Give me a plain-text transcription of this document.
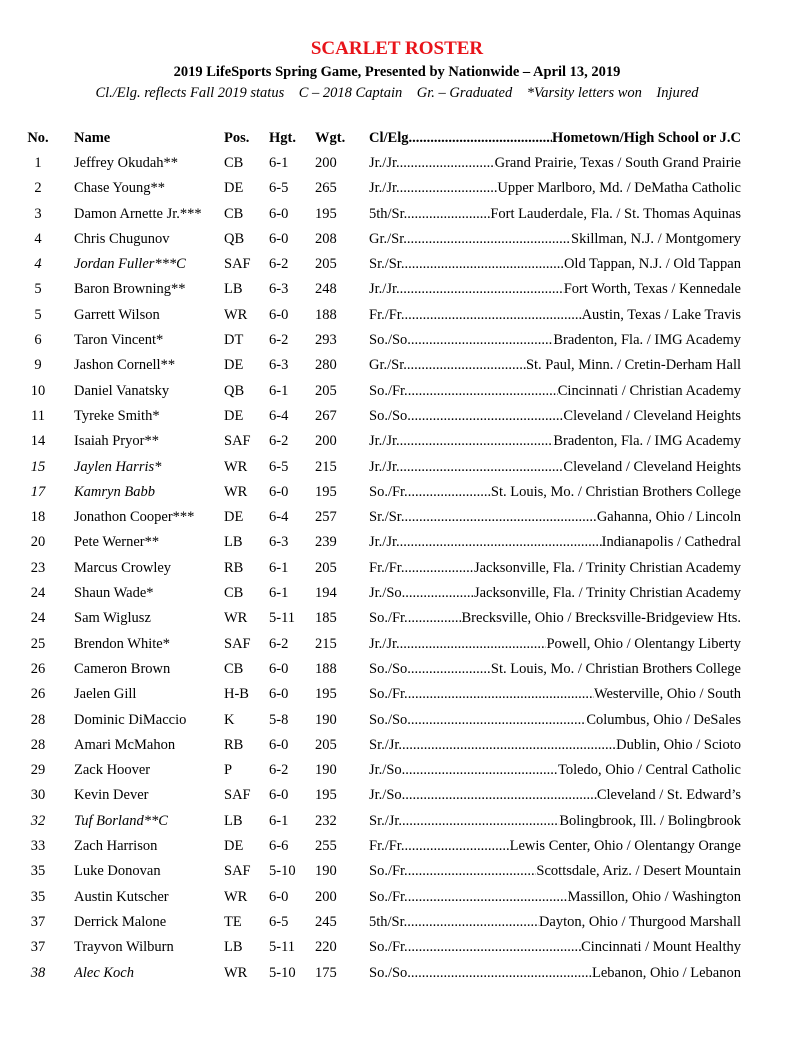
SCARLET ROSTER
2019 LifeSports Spring Game, Presented by Nationwide – April 13, 2019
Cl./Elg. reflects Fall 2019 status    C – 2018 Captain    Gr. – Graduated    *Varsity letters won    Injured
No.	Name	Pos.	Hgt.	Wgt.	Cl/Elg .....	Hometown/High School or J.C
1	Jeffrey Okudah**	CB	6-1	200	Jr./Jr. .....	Grand Prairie, Texas / South Grand Prairie
2	Chase Young**	DE	6-5	265	Jr./Jr. .....	Upper Marlboro, Md. / DeMatha Catholic
3	Damon Arnette Jr.***	CB	6-0	195	5th/Sr. .....	Fort Lauderdale, Fla. / St. Thomas Aquinas
4	Chris Chugunov	QB	6-0	208	Gr./Sr. .....	Skillman, N.J. / Montgomery
4	Jordan Fuller***C	SAF	6-2	205	Sr./Sr. .....	Old Tappan, N.J. / Old Tappan
5	Baron Browning**	LB	6-3	248	Jr./Jr. .....	Fort Worth, Texas / Kennedale
5	Garrett Wilson	WR	6-0	188	Fr./Fr. .....	Austin, Texas / Lake Travis
6	Taron Vincent*	DT	6-2	293	So./So. .....	Bradenton, Fla. / IMG Academy
9	Jashon Cornell**	DE	6-3	280	Gr./Sr. .....	St. Paul, Minn. / Cretin-Derham Hall
10	Daniel Vanatsky	QB	6-1	205	So./Fr. .....	Cincinnati / Christian Academy
11	Tyreke Smith*	DE	6-4	267	So./So. .....	Cleveland / Cleveland Heights
14	Isaiah Pryor**	SAF	6-2	200	Jr./Jr. .....	Bradenton, Fla. / IMG Academy
15	Jaylen Harris*	WR	6-5	215	Jr./Jr. .....	Cleveland / Cleveland Heights
17	Kamryn Babb	WR	6-0	195	So./Fr. .....	St. Louis, Mo. / Christian Brothers College
18	Jonathon Cooper***	DE	6-4	257	Sr./Sr. .....	Gahanna, Ohio / Lincoln
20	Pete Werner**	LB	6-3	239	Jr./Jr. .....	Indianapolis / Cathedral
23	Marcus Crowley	RB	6-1	205	Fr./Fr. .....	Jacksonville, Fla. / Trinity Christian Academy
24	Shaun Wade*	CB	6-1	194	Jr./So. .....	Jacksonville, Fla. / Trinity Christian Academy
24	Sam Wiglusz	WR	5-11	185	So./Fr. .....	Brecksville, Ohio / Brecksville-Bridgeview Hts.
25	Brendon White*	SAF	6-2	215	Jr./Jr. .....	Powell, Ohio / Olentangy Liberty
26	Cameron Brown	CB	6-0	188	So./So. .....	St. Louis, Mo. / Christian Brothers College
26	Jaelen Gill	H-B	6-0	195	So./Fr. .....	Westerville, Ohio / South
28	Dominic DiMaccio	K	5-8	190	So./So. .....	Columbus, Ohio / DeSales
28	Amari McMahon	RB	6-0	205	Sr./Jr. .....	Dublin, Ohio / Scioto
29	Zack Hoover	P	6-2	190	Jr./So. .....	Toledo, Ohio / Central Catholic
30	Kevin Dever	SAF	6-0	195	Jr./So. .....	Cleveland / St. Edward’s
32	Tuf Borland**C	LB	6-1	232	Sr./Jr. .....	Bolingbrook, Ill. / Bolingbrook
33	Zach Harrison	DE	6-6	255	Fr./Fr. .....	Lewis Center, Ohio / Olentangy Orange
35	Luke Donovan	SAF	5-10	190	So./Fr. .....	Scottsdale, Ariz. / Desert Mountain
35	Austin Kutscher	WR	6-0	200	So./Fr. .....	Massillon, Ohio / Washington
37	Derrick Malone	TE	6-5	245	5th/Sr. .....	Dayton, Ohio / Thurgood Marshall
37	Trayvon Wilburn	LB	5-11	220	So./Fr. .....	Cincinnati / Mount Healthy
38	Alec Koch	WR	5-10	175	So./So. .....	Lebanon, Ohio / Lebanon
